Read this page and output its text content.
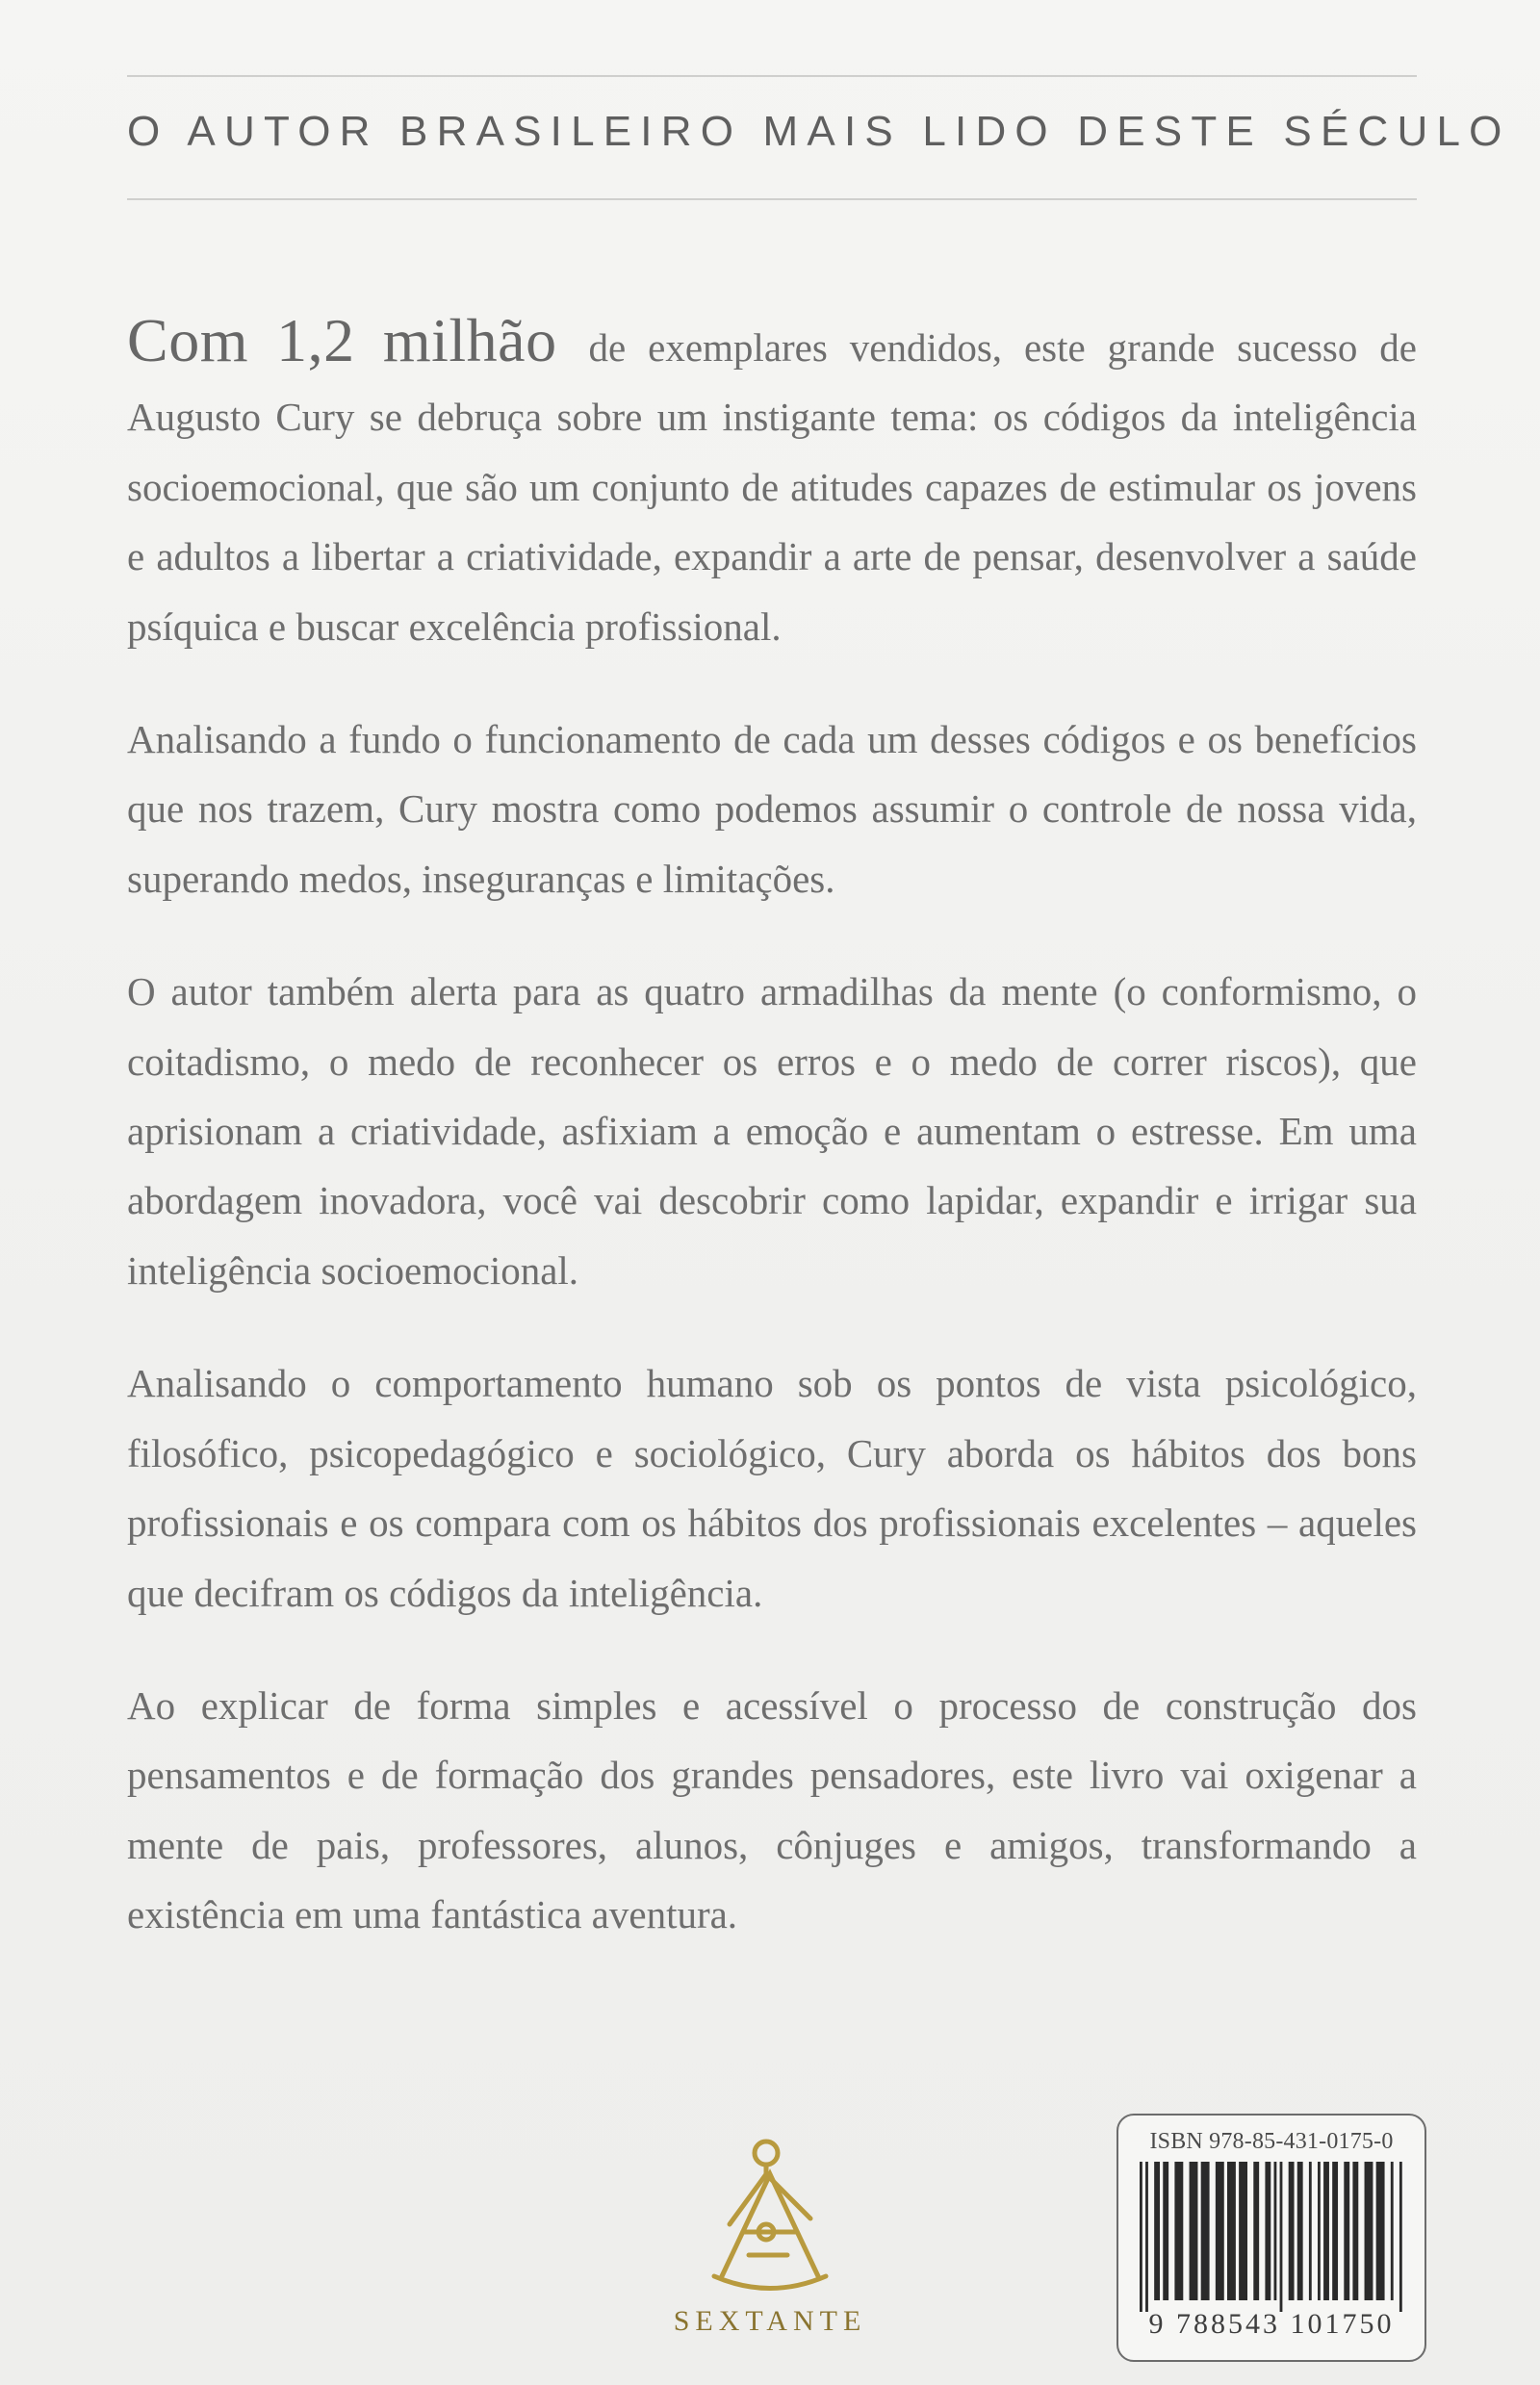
O AUTOR BRASILEIRO MAIS LIDO DESTE SÉCULO

Com 1,2 milhão de exemplares vendidos, este grande sucesso de Augusto Cury se debruça sobre um instigante tema: os códigos da inteligência socioemocional, que são um conjunto de atitudes capazes de estimular os jovens e adultos a libertar a criatividade, expandir a arte de pensar, desenvolver a saúde psíquica e buscar excelência profissional.

Analisando a fundo o funcionamento de cada um desses códigos e os benefícios que nos trazem, Cury mostra como podemos assumir o controle de nossa vida, superando medos, inseguranças e limitações.

O autor também alerta para as quatro armadilhas da mente (o conformismo, o coitadismo, o medo de reconhecer os erros e o medo de correr riscos), que aprisionam a criatividade, asfixiam a emoção e aumentam o estresse. Em uma abordagem inovadora, você vai descobrir como lapidar, expandir e irrigar sua inteligência socioemocional.

Analisando o comportamento humano sob os pontos de vista psicológico, filosófico, psicopedagógico e sociológico, Cury aborda os hábitos dos bons profissionais e os compara com os hábitos dos profissionais excelentes – aqueles que decifram os códigos da inteligência.

Ao explicar de forma simples e acessível o processo de construção dos pensamentos e de formação dos grandes pensadores, este livro vai oxigenar a mente de pais, professores, alunos, cônjuges e amigos, transformando a existência em uma fantástica aventura.

SEXTANTE
ISBN 978-85-431-0175-0
9 788543 101750
